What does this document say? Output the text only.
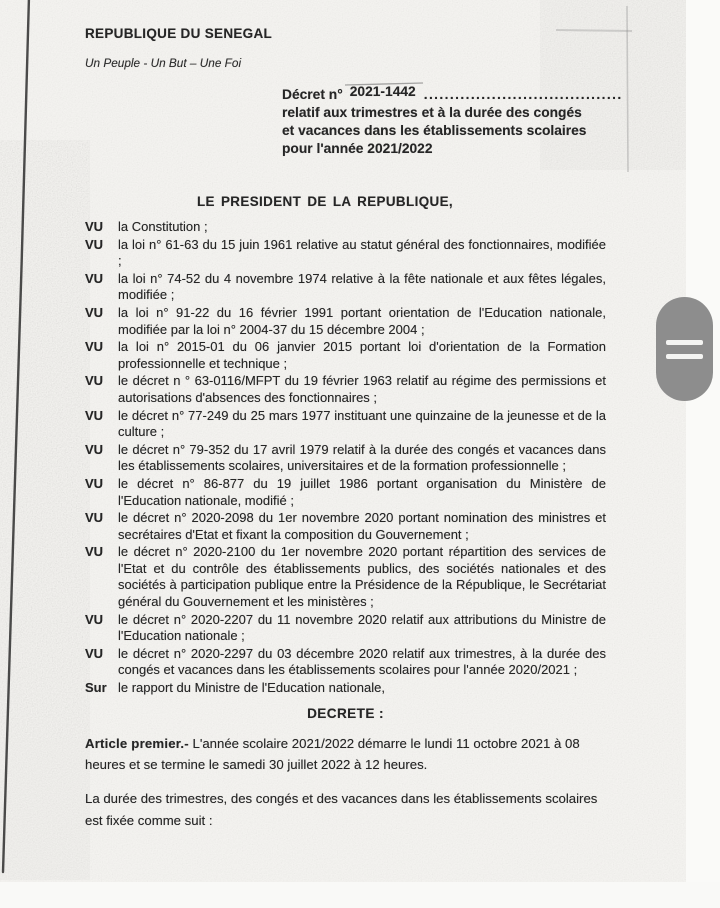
REPUBLIQUE DU SENEGAL
Un Peuple - Un But – Une Foi
Décret n° 2021-1442 ......................................
relatif aux trimestres et à la durée des congés
et vacances dans les établissements scolaires
pour l'année 2021/2022
LE PRESIDENT DE LA REPUBLIQUE,
VU	la Constitution ;
VU	la loi n° 61-63 du 15 juin 1961 relative au statut général des fonctionnaires, modifiée ;
VU	la loi n° 74-52 du 4 novembre 1974 relative à la fête nationale et aux fêtes légales, modifiée ;
VU	la loi n° 91-22 du 16 février 1991 portant orientation de l'Education nationale, modifiée par la loi n° 2004-37 du 15 décembre 2004 ;
VU	la loi n° 2015-01 du 06 janvier 2015 portant loi d'orientation de la Formation professionnelle et technique ;
VU	le décret n ° 63-0116/MFPT du 19 février 1963 relatif au régime des permissions et autorisations d'absences des fonctionnaires ;
VU	le décret n° 77-249 du 25 mars 1977 instituant une quinzaine de la jeunesse et de la culture ;
VU	le décret n° 79-352 du 17 avril 1979 relatif à la durée des congés et vacances dans les établissements scolaires, universitaires et de la formation professionnelle ;
VU	le décret n° 86-877 du 19 juillet 1986 portant organisation du Ministère de l'Education nationale, modifié ;
VU	le décret n° 2020-2098 du 1er novembre 2020 portant nomination des ministres et secrétaires d'Etat et fixant la composition du Gouvernement ;
VU	le décret n° 2020-2100 du 1er novembre 2020 portant répartition des services de l'Etat et du contrôle des établissements publics, des sociétés nationales et des sociétés à participation publique entre la Présidence de la République, le Secrétariat général du Gouvernement et les ministères ;
VU	le décret n° 2020-2207 du 11 novembre 2020 relatif aux attributions du Ministre de l'Education nationale ;
VU	le décret n° 2020-2297 du 03 décembre 2020 relatif aux trimestres, à la durée des congés et vacances dans les établissements scolaires pour l'année 2020/2021 ;
Sur le rapport du Ministre de l'Education nationale,
DECRETE :

Article premier.- L'année scolaire 2021/2022 démarre le lundi 11 octobre 2021 à 08 heures et se termine le samedi 30 juillet 2022 à 12 heures.

La durée des trimestres, des congés et des vacances dans les établissements scolaires est fixée comme suit :
